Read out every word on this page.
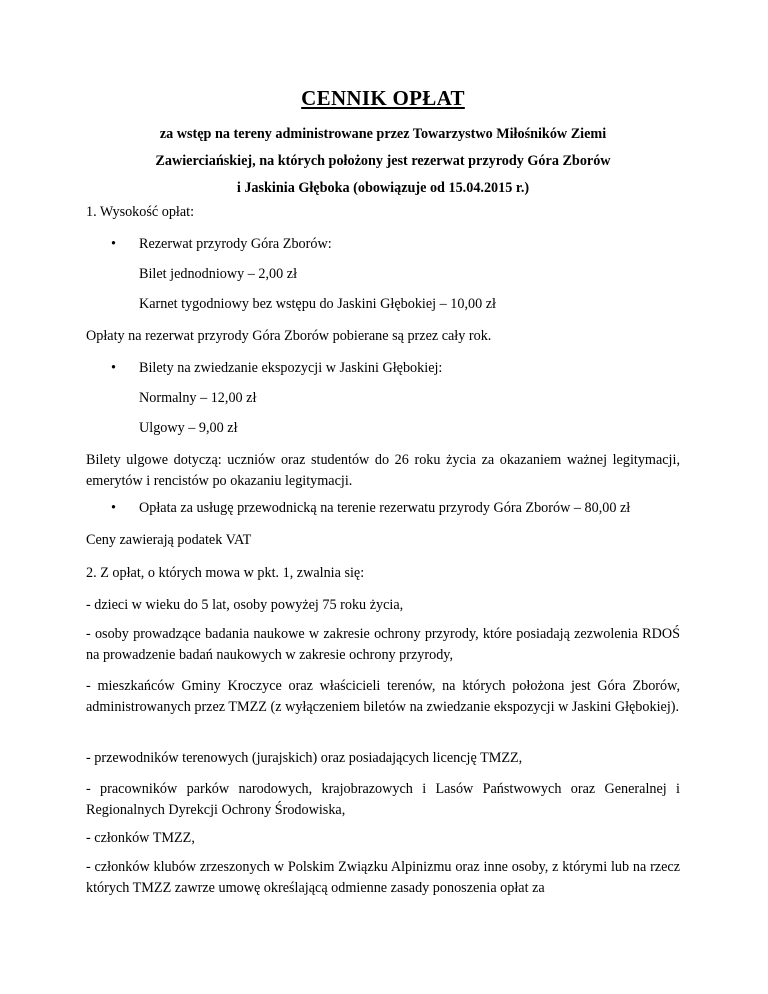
CENNIK OPŁAT
za wstęp na tereny administrowane przez Towarzystwo Miłośników Ziemi
Zawierciańskiej, na których położony jest rezerwat przyrody Góra Zborów
i Jaskinia Głęboka (obowiązuje od 15.04.2015 r.)
1. Wysokość opłat:
• Rezerwat przyrody Góra Zborów:
Bilet jednodniowy – 2,00 zł
Karnet tygodniowy bez wstępu do Jaskini Głębokiej – 10,00 zł
Opłaty na rezerwat przyrody Góra Zborów pobierane są przez cały rok.
• Bilety na zwiedzanie ekspozycji w Jaskini Głębokiej:
Normalny – 12,00 zł
Ulgowy – 9,00 zł
Bilety ulgowe dotyczą: uczniów oraz studentów do 26 roku życia za okazaniem ważnej legitymacji, emerytów i rencistów po okazaniu legitymacji.
• Opłata za usługę przewodnicką na terenie rezerwatu przyrody Góra Zborów – 80,00 zł
Ceny zawierają podatek VAT
2. Z opłat, o których mowa w pkt. 1, zwalnia się:
- dzieci w wieku do 5 lat, osoby powyżej 75 roku życia,
- osoby prowadzące badania naukowe w zakresie ochrony przyrody, które posiadają zezwolenia RDOŚ na prowadzenie badań naukowych w zakresie ochrony przyrody,
- mieszkańców Gminy Kroczyce oraz właścicieli terenów, na których położona jest Góra Zborów, administrowanych przez TMZZ (z wyłączeniem biletów na zwiedzanie ekspozycji w Jaskini Głębokiej).
- przewodników terenowych (jurajskich) oraz posiadających licencję TMZZ,
- pracowników parków narodowych, krajobrazowych i Lasów Państwowych oraz Generalnej i Regionalnych Dyrekcji Ochrony Środowiska,
- członków TMZZ,
- członków klubów zrzeszonych w Polskim Związku Alpinizmu oraz inne osoby, z którymi lub na rzecz których TMZZ zawrze umowę określającą odmienne zasady ponoszenia opłat za
